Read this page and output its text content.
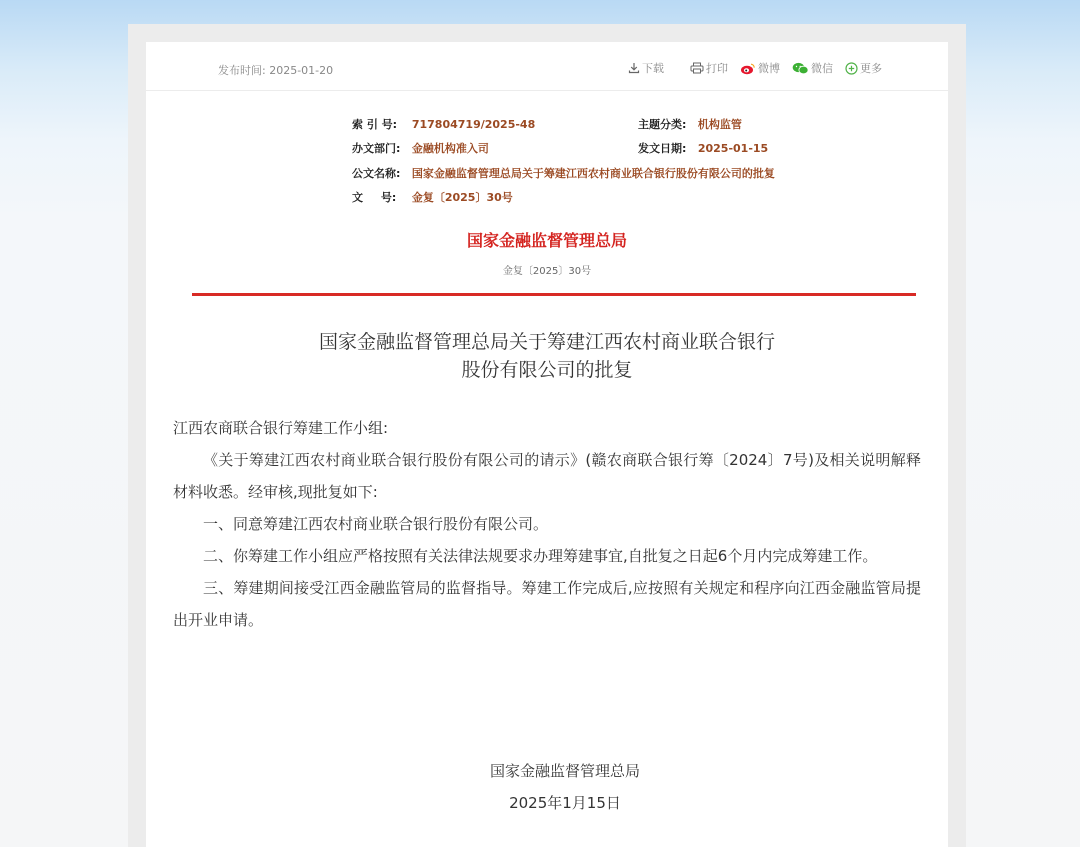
发布时间: 2025-01-20	下载	打印	微博	微信 更多
索 引 号: 717804719/2025-48	主题分类: 机构监管
办文部门: 金融机构准入司	发文日期: 2025-01-15
公文名称: 国家金融监督管理总局关于筹建江西农村商业联合银行股份有限公司的批复
文 号: 金复〔2025〕30号
国家金融监督管理总局
金复〔2025〕30号
国家金融监督管理总局关于筹建江西农村商业联合银行
股份有限公司的批复

江西农商联合银行筹建工作小组:

《关于筹建江西农村商业联合银行股份有限公司的请示》(赣农商联合银行筹〔2024〕7号)及相关说明解释材料收悉。经审核,现批复如下:

一、同意筹建江西农村商业联合银行股份有限公司。

二、你筹建工作小组应严格按照有关法律法规要求办理筹建事宜,自批复之日起6个月内完成筹建工作。

三、筹建期间接受江西金融监管局的监督指导。筹建工作完成后,应按照有关规定和程序向江西金融监管局提出开业申请。

国家金融监督管理总局
2025年1月15日
